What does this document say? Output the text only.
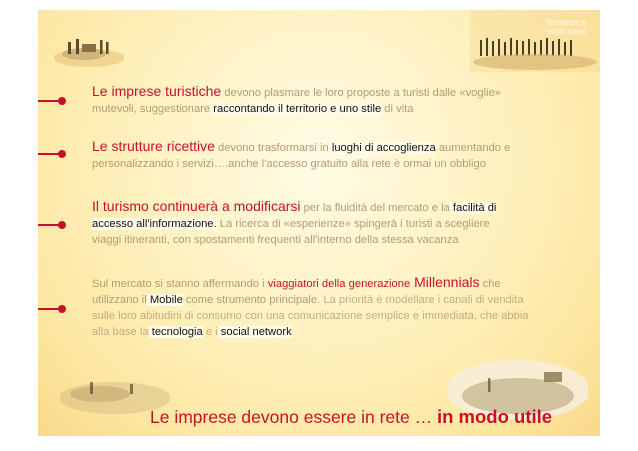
Tendenze e
nuovi trend
Le imprese turistiche devono plasmare le loro proposte a turisti dalle «voglie»
mutevoli, suggestionare raccontando il territorio e uno stile di vita
Le strutture ricettive devono trasformarsi in luoghi di accoglienza aumentando e
personalizzando i servizi….anche l'accesso gratuito alla rete è ormai un obbligo
Il turismo continuerà a modificarsi per la fluidità del mercato e la facilità di
accesso all'informazione. La ricerca di «esperienze» spingerà i turisti a scegliere
viaggi itineranti, con spostamenti frequenti all'interno della stessa vacanza
Sul mercato si stanno affermando i viaggiatori della generazione Millennials che
utilizzano il Mobile come strumento principale. La priorità è modellare i canali di vendita
sulle loro abitudini di consumo con una comunicazione semplice e immediata, che abbia
alla base la tecnologia e i social network
Le imprese devono essere in rete … in modo utile
